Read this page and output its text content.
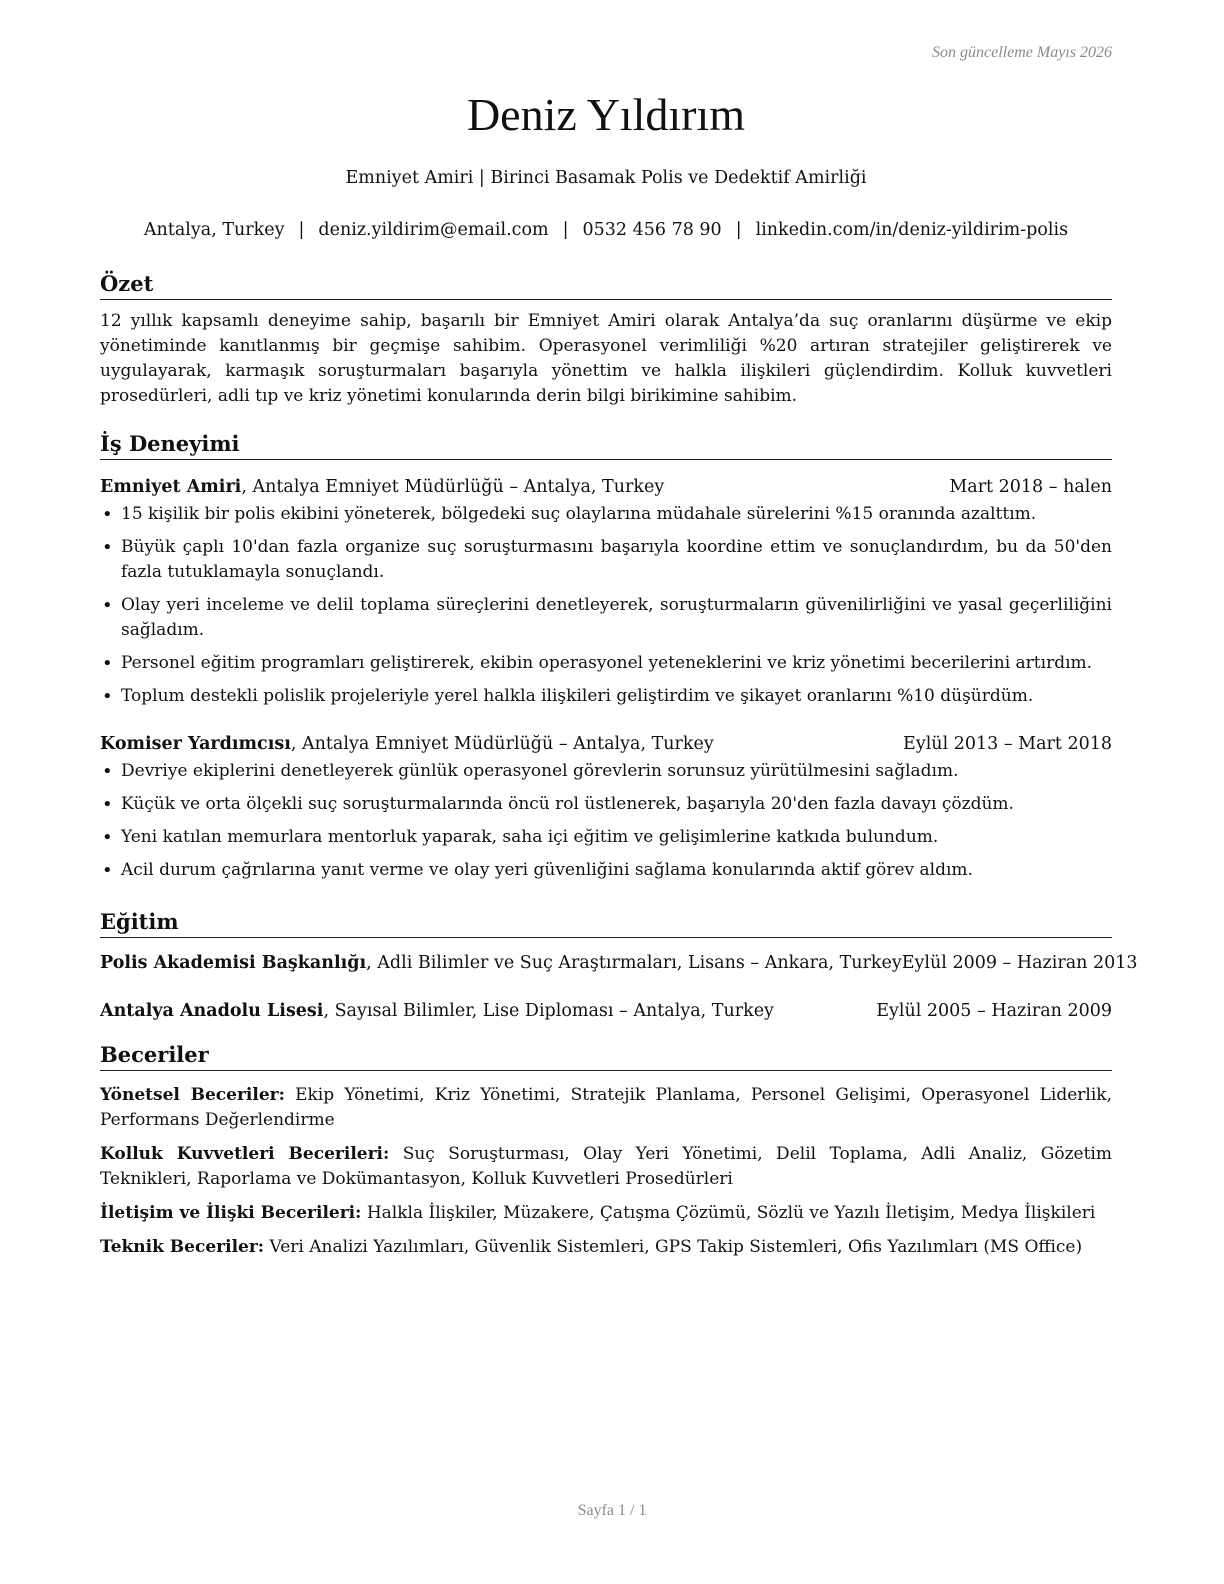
Son güncelleme Mayıs 2026
Deniz Yıldırım
Emniyet Amiri | Birinci Basamak Polis ve Dedektif Amirliği
Antalya, Turkey | deniz.yildirim@email.com | 0532 456 78 90 | linkedin.com/in/deniz-yildirim-polis
Özet
12 yıllık kapsamlı deneyime sahip, başarılı bir Emniyet Amiri olarak Antalya’da suç oranlarını düşürme ve ekip yönetiminde kanıtlanmış bir geçmişe sahibim. Operasyonel verimliliği %20 artıran stratejiler geliştirerek ve uygulayarak, karmaşık soruşturmaları başarıyla yönettim ve halkla ilişkileri güçlendirdim. Kolluk kuvvetleri prosedürleri, adli tıp ve kriz yönetimi konularında derin bilgi birikimine sahibim.
İş Deneyimi
Emniyet Amiri, Antalya Emniyet Müdürlüğü – Antalya, Turkey	Mart 2018 – halen
• 15 kişilik bir polis ekibini yöneterek, bölgedeki suç olaylarına müdahale sürelerini %15 oranında azalttım.
• Büyük çaplı 10'dan fazla organize suç soruşturmasını başarıyla koordine ettim ve sonuçlandırdım, bu da 50'den fazla tutuklamayla sonuçlandı.
• Olay yeri inceleme ve delil toplama süreçlerini denetleyerek, soruşturmaların güvenilirliğini ve yasal geçerliliğini sağladım.
• Personel eğitim programları geliştirerek, ekibin operasyonel yeteneklerini ve kriz yönetimi becerilerini artırdım.
• Toplum destekli polislik projeleriyle yerel halkla ilişkileri geliştirdim ve şikayet oranlarını %10 düşürdüm.
Komiser Yardımcısı, Antalya Emniyet Müdürlüğü – Antalya, Turkey	Eylül 2013 – Mart 2018
• Devriye ekiplerini denetleyerek günlük operasyonel görevlerin sorunsuz yürütülmesini sağladım.
• Küçük ve orta ölçekli suç soruşturmalarında öncü rol üstlenerek, başarıyla 20'den fazla davayı çözdüm.
• Yeni katılan memurlara mentorluk yaparak, saha içi eğitim ve gelişimlerine katkıda bulundum.
• Acil durum çağrılarına yanıt verme ve olay yeri güvenliğini sağlama konularında aktif görev aldım.
Eğitim
Polis Akademisi Başkanlığı, Adli Bilimler ve Suç Araştırmaları, Lisans – Ankara, Turkey Eylül 2009 – Haziran 2013
Antalya Anadolu Lisesi, Sayısal Bilimler, Lise Diploması – Antalya, Turkey	Eylül 2005 – Haziran 2009
Beceriler
Yönetsel Beceriler: Ekip Yönetimi, Kriz Yönetimi, Stratejik Planlama, Personel Gelişimi, Operasyonel Liderlik, Performans Değerlendirme
Kolluk Kuvvetleri Becerileri: Suç Soruşturması, Olay Yeri Yönetimi, Delil Toplama, Adli Analiz, Gözetim Teknikleri, Raporlama ve Dokümantasyon, Kolluk Kuvvetleri Prosedürleri
İletişim ve İlişki Becerileri: Halkla İlişkiler, Müzakere, Çatışma Çözümü, Sözlü ve Yazılı İletişim, Medya İlişkileri
Teknik Beceriler: Veri Analizi Yazılımları, Güvenlik Sistemleri, GPS Takip Sistemleri, Ofis Yazılımları (MS Office)
Sayfa 1 / 1
